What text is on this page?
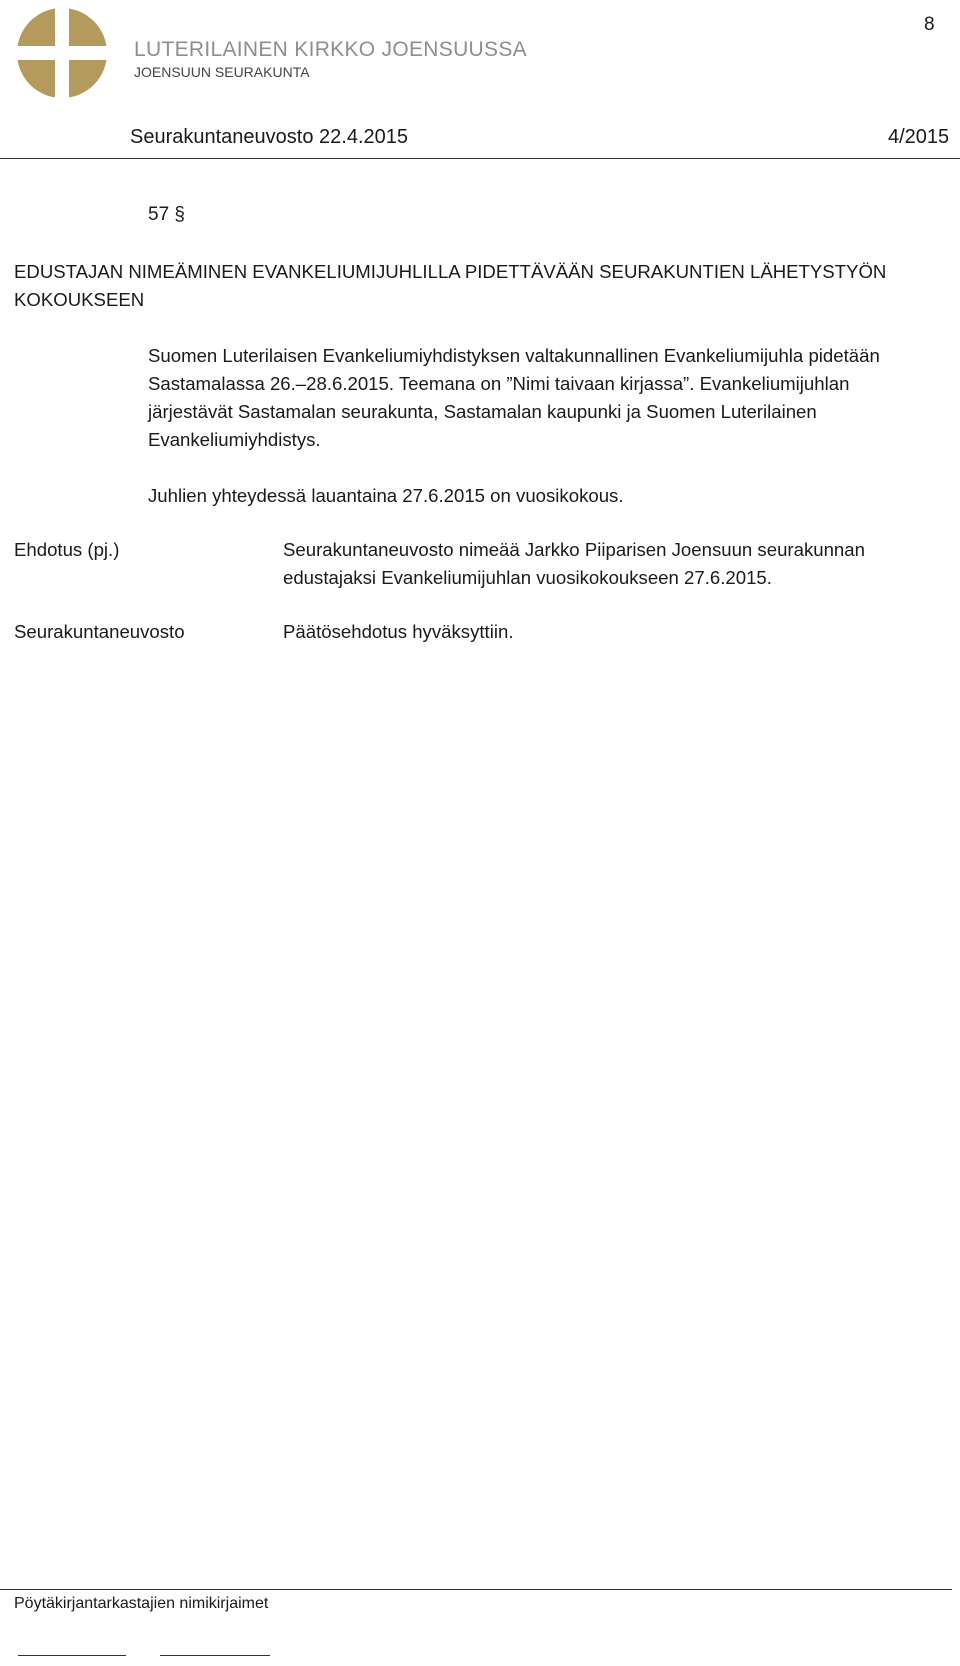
LUTERILAINEN KIRKKO JOENSUUSSA
JOENSUUN SEURAKUNTA
8
Seurakuntaneuvosto 22.4.2015	4/2015
57 §
EDUSTAJAN NIMEÄMINEN EVANKELIUMIJUHLILLA PIDETTÄVÄÄN SEURAKUNTIEN LÄHETYSTYÖN KOKOUKSEEN
Suomen Luterilaisen Evankeliumiyhdistyksen valtakunnallinen Evankeliumijuhla pidetään Sastamalassa 26.–28.6.2015. Teemana on ”Nimi taivaan kirjassa”. Evankeliumijuhlan järjestävät Sastamalan seurakunta, Sastamalan kaupunki ja Suomen Luterilainen Evankeliumiyhdistys.
Juhlien yhteydessä lauantaina 27.6.2015 on vuosikokous.
Ehdotus (pj.)	Seurakuntaneuvosto nimeää Jarkko Piiparisen Joensuun seurakunnan edustajaksi Evankeliumijuhlan vuosikokoukseen 27.6.2015.
Seurakuntaneuvosto	Päätösehdotus hyväksyttiin.
Pöytäkirjantarkastajien nimikirjaimet
